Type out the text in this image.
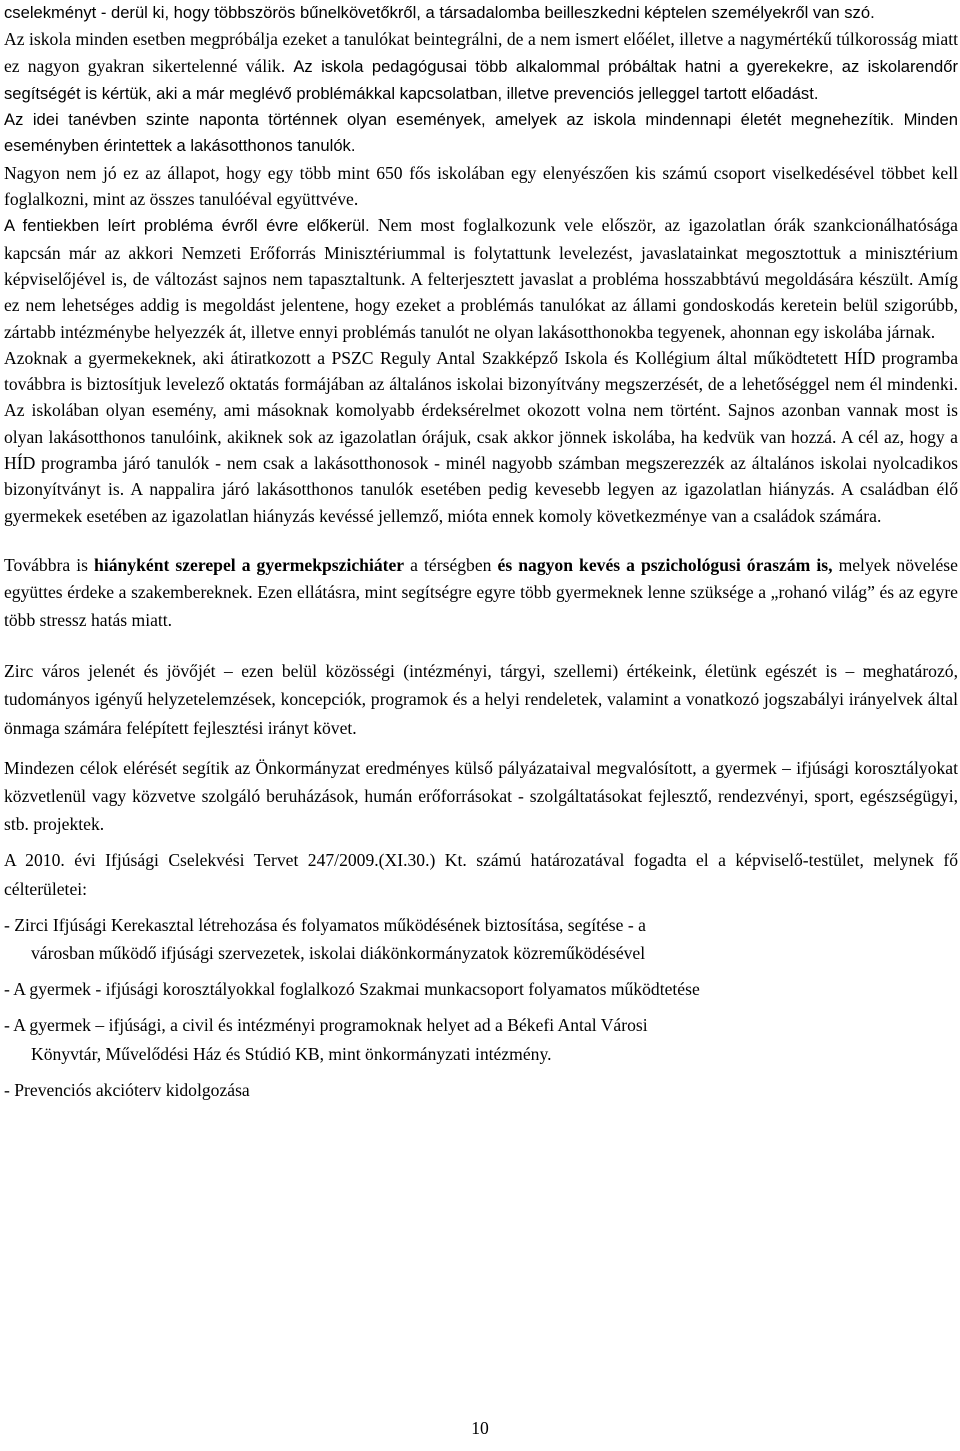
cselekményt - derül ki, hogy többszörös bűnelkövetőkről, a társadalomba beilleszkedni képtelen személyekről van szó.

Az iskola minden esetben megpróbálja ezeket a tanulókat beintegrálni, de a nem ismert előélet, illetve a nagymértékű túlkorosság miatt ez nagyon gyakran sikertelenné válik. Az iskola pedagógusai több alkalommal próbáltak hatni a gyerekekre, az iskolarendőr segítségét is kértük, aki a már meglévő problémákkal kapcsolatban, illetve prevenciós jelleggel tartott előadást.

Az idei tanévben szinte naponta történnek olyan események, amelyek az iskola mindennapi életét megnehezítik. Minden eseményben érintettek a lakásotthonos tanulók.

Nagyon nem jó ez az állapot, hogy egy több mint 650 fős iskolában egy elenyészően kis számú csoport viselkedésével többet kell foglalkozni, mint az összes tanulóéval együttvéve.

A fentiekben leírt probléma évről évre előkerül. Nem most foglalkozunk vele először, az igazolatlan órák szankcionálhatósága kapcsán már az akkori Nemzeti Erőforrás Minisztériummal is folytattunk levelezést, javaslatainkat megosztottuk a minisztérium képviselőjével is, de változást sajnos nem tapasztaltunk. A felterjesztett javaslat a probléma hosszabbtávú megoldására készült. Amíg ez nem lehetséges addig is megoldást jelentene, hogy ezeket a problémás tanulókat az állami gondoskodás keretein belül szigorúbb, zártabb intézménybe helyezzék át, illetve ennyi problémás tanulót ne olyan lakásotthonokba tegyenek, ahonnan egy iskolába járnak.

Azoknak a gyermekeknek, aki átiratkozott a PSZC Reguly Antal Szakképző Iskola és Kollégium által működtetett HÍD programba továbbra is biztosítjuk levelező oktatás formájában az általános iskolai bizonyítvány megszerzését, de a lehetőséggel nem él mindenki. Az iskolában olyan esemény, ami másoknak komolyabb érdeksérelmet okozott volna nem történt. Sajnos azonban vannak most is olyan lakásotthonos tanulóink, akiknek sok az igazolatlan órájuk, csak akkor jönnek iskolába, ha kedvük van hozzá. A cél az, hogy a HÍD programba járó tanulók - nem csak a lakásotthonosok - minél nagyobb számban megszerezzék az általános iskolai nyolcadikos bizonyítványt is. A nappalira járó lakásotthonos tanulók esetében pedig kevesebb legyen az igazolatlan hiányzás. A családban élő gyermekek esetében az igazolatlan hiányzás kevéssé jellemző, mióta ennek komoly következménye van a családok számára.

Továbbra is hiányként szerepel a gyermekpszichiáter a térségben és nagyon kevés a pszichológusi óraszám is, melyek növelése együttes érdeke a szakembereknek. Ezen ellátásra, mint segítségre egyre több gyermeknek lenne szüksége a „rohanó világ” és az egyre több stressz hatás miatt.

Zirc város jelenét és jövőjét – ezen belül közösségi (intézményi, tárgyi, szellemi) értékeink, életünk egészét is – meghatározó, tudományos igényű helyzetelemzések, koncepciók, programok és a helyi rendeletek, valamint a vonatkozó jogszabályi irányelvek által önmaga számára felépített fejlesztési irányt követ.

Mindezen célok elérését segítik az Önkormányzat eredményes külső pályázataival megvalósított, a gyermek – ifjúsági korosztályokat közvetlenül vagy közvetve szolgáló beruházások, humán erőforrásokat - szolgáltatásokat fejlesztő, rendezvényi, sport, egészségügyi, stb. projektek.

A 2010. évi Ifjúsági Cselekvési Tervet 247/2009.(XI.30.) Kt. számú határozatával fogadta el a képviselő-testület, melynek fő célterületei:

- Zirci Ifjúsági Kerekasztal létrehozása és folyamatos működésének biztosítása, segítése - a
városban működő ifjúsági szervezetek, iskolai diákönkormányzatok közreműködésével
- A gyermek - ifjúsági korosztályokkal foglalkozó Szakmai munkacsoport folyamatos működtetése
- A gyermek – ifjúsági, a civil és intézményi programoknak helyet ad a Békefi Antal Városi
Könyvtár, Művelődési Ház és Stúdió KB, mint önkormányzati intézmény.
- Prevenciós akcióterv kidolgozása
10
